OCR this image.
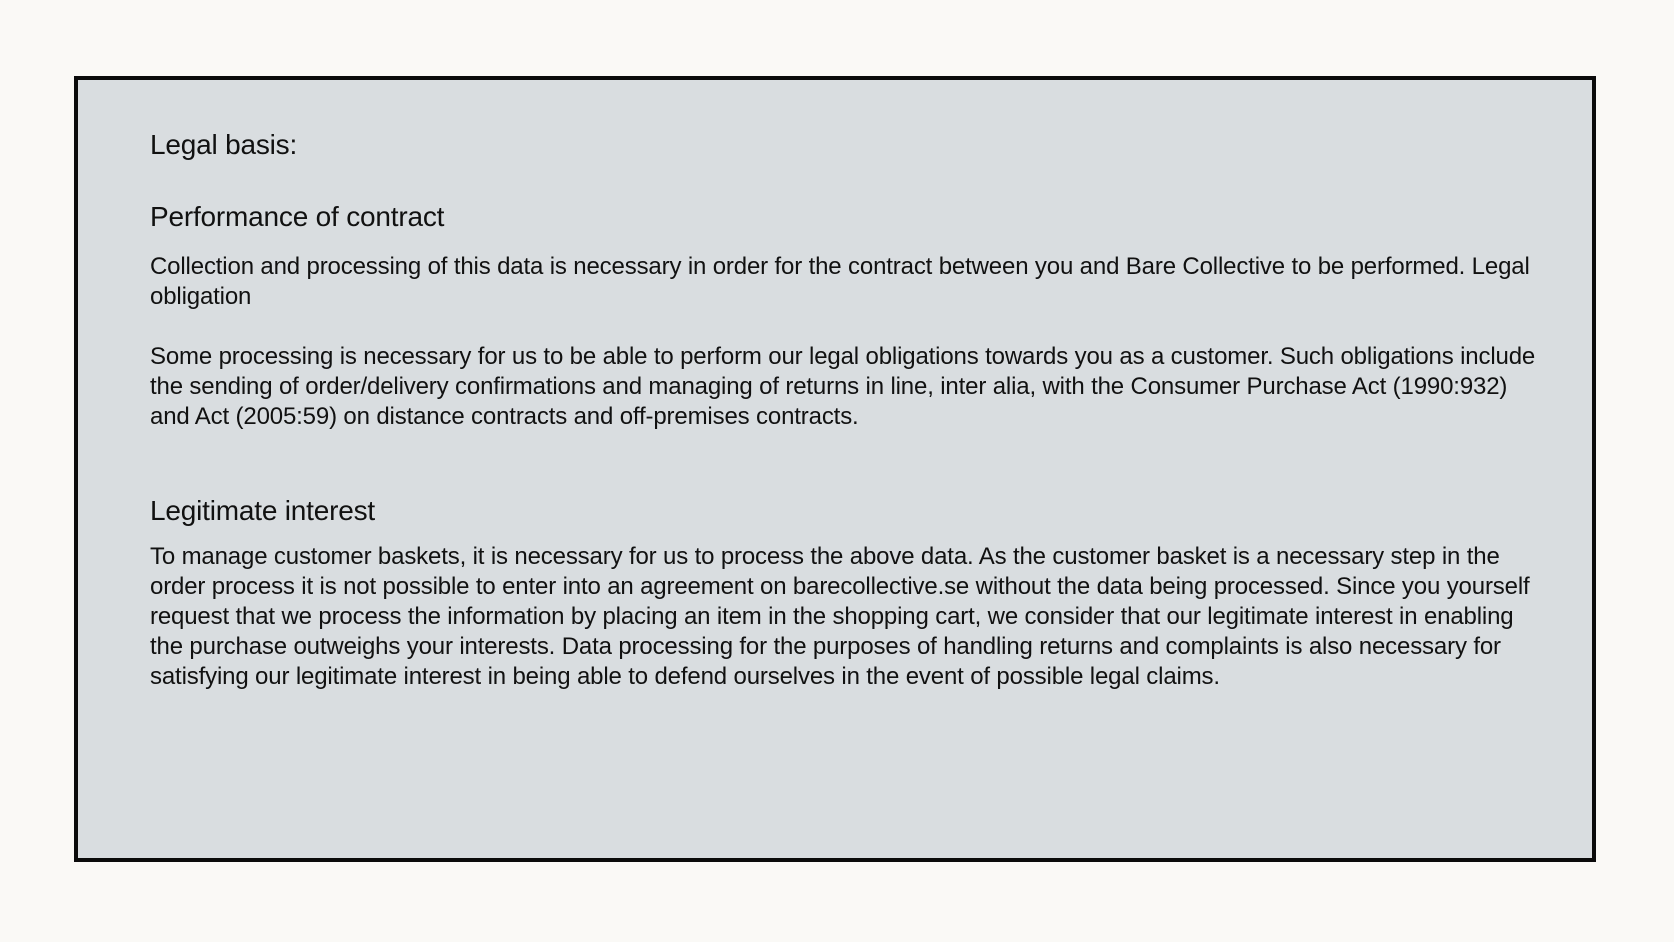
Legal basis:
Performance of contract

Collection and processing of this data is necessary in order for the contract between you and Bare Collective to be performed. Legal obligation

Some processing is necessary for us to be able to perform our legal obligations towards you as a customer. Such obligations include the sending of order/delivery confirmations and managing of returns in line, inter alia, with the Consumer Purchase Act (1990:932) and Act (2005:59) on distance contracts and off-premises contracts.

Legitimate interest

To manage customer baskets, it is necessary for us to process the above data. As the customer basket is a necessary step in the order process it is not possible to enter into an agreement on barecollective.se without the data being processed. Since you yourself request that we process the information by placing an item in the shopping cart, we consider that our legitimate interest in enabling the purchase outweighs your interests. Data processing for the purposes of handling returns and complaints is also necessary for satisfying our legitimate interest in being able to defend ourselves in the event of possible legal claims.
